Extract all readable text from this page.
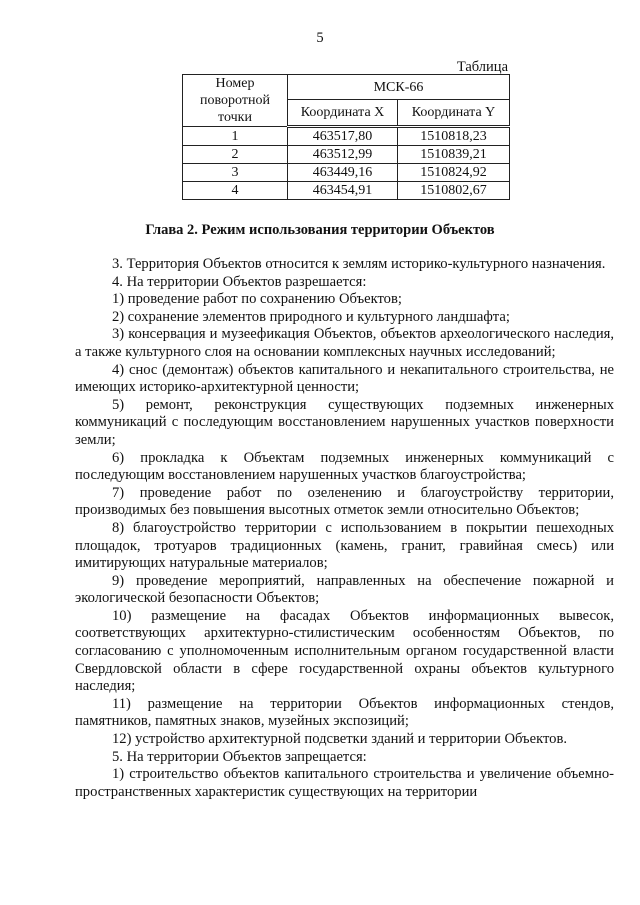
5
Таблица
Номер поворотной точки	МСК-66	
	Координата X	Координата Y
1	463517,80	1510818,23
2	463512,99	1510839,21
3	463449,16	1510824,92
4	463454,91	1510802,67
Глава 2. Режим использования территории Объектов

3. Территория Объектов относится к землям историко-культурного назначения.

4. На территории Объектов разрешается:

1) проведение работ по сохранению Объектов;

2) сохранение элементов природного и культурного ландшафта;

3) консервация и музеефикация Объектов, объектов археологического наследия, а также культурного слоя на основании комплексных научных исследований;

4) снос (демонтаж) объектов капитального и некапитального строительства, не имеющих историко-архитектурной ценности;

5) ремонт, реконструкция существующих подземных инженерных коммуникаций с последующим восстановлением нарушенных участков поверхности земли;

6) прокладка к Объектам подземных инженерных коммуникаций с последующим восстановлением нарушенных участков благоустройства;

7) проведение работ по озеленению и благоустройству территории, производимых без повышения высотных отметок земли относительно Объектов;

8) благоустройство территории с использованием в покрытии пешеходных площадок, тротуаров традиционных (камень, гранит, гравийная смесь) или имитирующих натуральные материалов;

9) проведение мероприятий, направленных на обеспечение пожарной и экологической безопасности Объектов;

10) размещение на фасадах Объектов информационных вывесок, соответствующих архитектурно-стилистическим особенностям Объектов, по согласованию с уполномоченным исполнительным органом государственной власти Свердловской области в сфере государственной охраны объектов культурного наследия;

11) размещение на территории Объектов информационных стендов, памятников, памятных знаков, музейных экспозиций;

12) устройство архитектурной подсветки зданий и территории Объектов.

5. На территории Объектов запрещается:

1) строительство объектов капитального строительства и увеличение объемно-пространственных характеристик существующих на территории
